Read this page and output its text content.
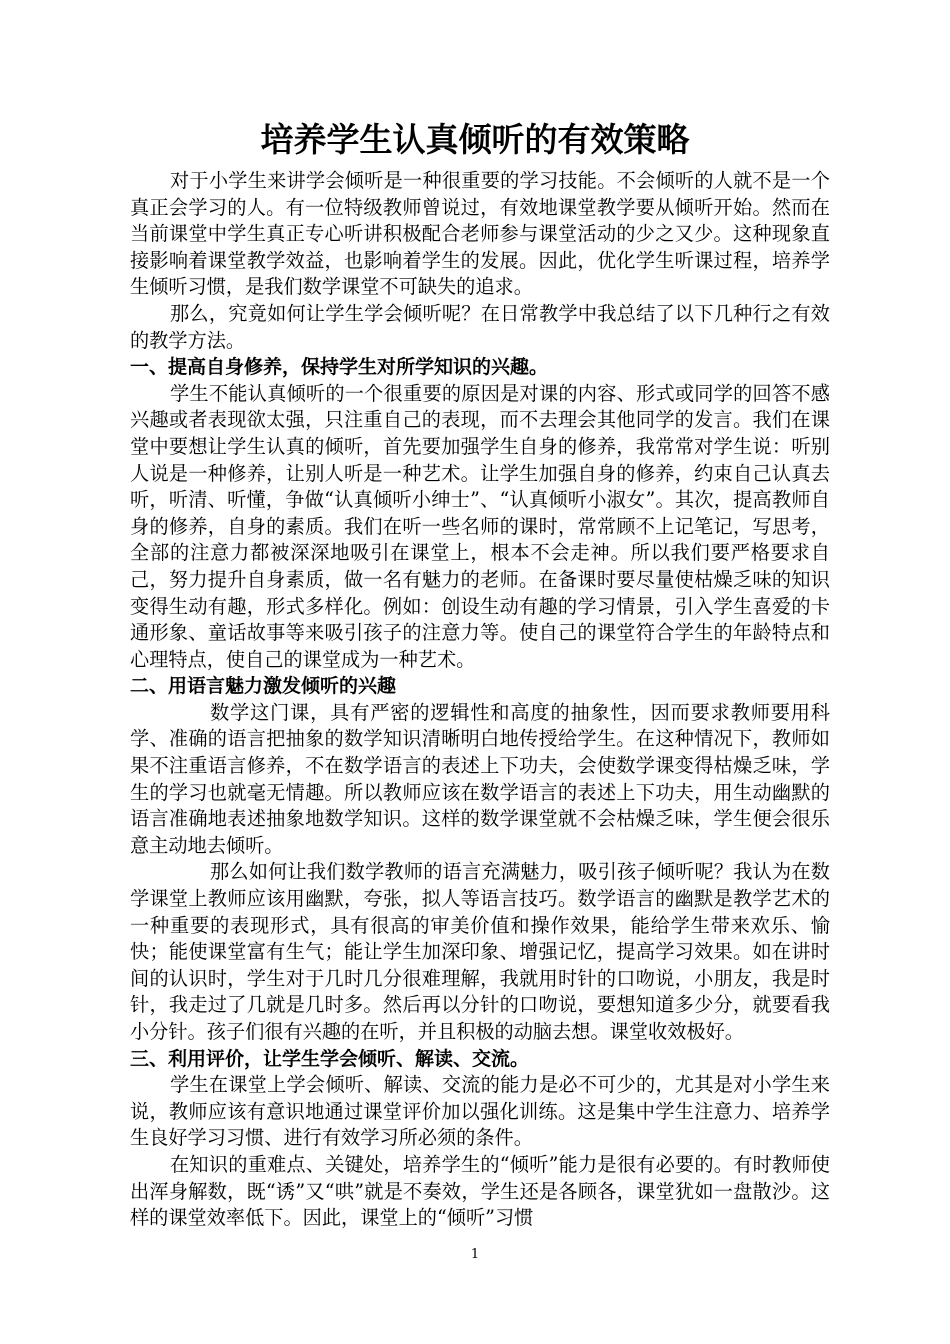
培养学生认真倾听的有效策略

对于小学生来讲学会倾听是一种很重要的学习技能。不会倾听的人就不是一个真正会学习的人。有一位特级教师曾说过，有效地课堂教学要从倾听开始。然而在当前课堂中学生真正专心听讲积极配合老师参与课堂活动的少之又少。这种现象直接影响着课堂教学效益，也影响着学生的发展。因此，优化学生听课过程，培养学生倾听习惯，是我们数学课堂不可缺失的追求。

那么，究竟如何让学生学会倾听呢？在日常教学中我总结了以下几种行之有效的教学方法。

一、提高自身修养，保持学生对所学知识的兴趣。

学生不能认真倾听的一个很重要的原因是对课的内容、形式或同学的回答不感兴趣或者表现欲太强，只注重自己的表现，而不去理会其他同学的发言。我们在课堂中要想让学生认真的倾听，首先要加强学生自身的修养，我常常对学生说：听别人说是一种修养，让别人听是一种艺术。让学生加强自身的修养，约束自己认真去听，听清、听懂，争做“认真倾听小绅士”、“认真倾听小淑女”。其次，提高教师自身的修养，自身的素质。我们在听一些名师的课时，常常顾不上记笔记，写思考，全部的注意力都被深深地吸引在课堂上，根本不会走神。所以我们要严格要求自己，努力提升自身素质，做一名有魅力的老师。在备课时要尽量使枯燥乏味的知识变得生动有趣，形式多样化。例如：创设生动有趣的学习情景，引入学生喜爱的卡通形象、童话故事等来吸引孩子的注意力等。使自己的课堂符合学生的年龄特点和心理特点，使自己的课堂成为一种艺术。

二、用语言魅力激发倾听的兴趣

数学这门课，具有严密的逻辑性和高度的抽象性，因而要求教师要用科学、准确的语言把抽象的数学知识清晰明白地传授给学生。在这种情况下，教师如果不注重语言修养，不在数学语言的表述上下功夫，会使数学课变得枯燥乏味，学生的学习也就毫无情趣。所以教师应该在数学语言的表述上下功夫，用生动幽默的语言准确地表述抽象地数学知识。这样的数学课堂就不会枯燥乏味，学生便会很乐意主动地去倾听。

那么如何让我们数学教师的语言充满魅力，吸引孩子倾听呢？我认为在数学课堂上教师应该用幽默，夸张，拟人等语言技巧。数学语言的幽默是教学艺术的一种重要的表现形式，具有很高的审美价值和操作效果，能给学生带来欢乐、愉快；能使课堂富有生气；能让学生加深印象、增强记忆，提高学习效果。如在讲时间的认识时，学生对于几时几分很难理解，我就用时针的口吻说，小朋友，我是时针，我走过了几就是几时多。然后再以分针的口吻说，要想知道多少分，就要看我小分针。孩子们很有兴趣的在听，并且积极的动脑去想。课堂收效极好。

三、利用评价，让学生学会倾听、解读、交流。

学生在课堂上学会倾听、解读、交流的能力是必不可少的，尤其是对小学生来说，教师应该有意识地通过课堂评价加以强化训练。这是集中学生注意力、培养学生良好学习习惯、进行有效学习所必须的条件。

在知识的重难点、关键处，培养学生的“倾听”能力是很有必要的。有时教师使出浑身解数，既“诱”又“哄”就是不奏效，学生还是各顾各，课堂犹如一盘散沙。这样的课堂效率低下。因此，课堂上的“倾听”习惯

1
